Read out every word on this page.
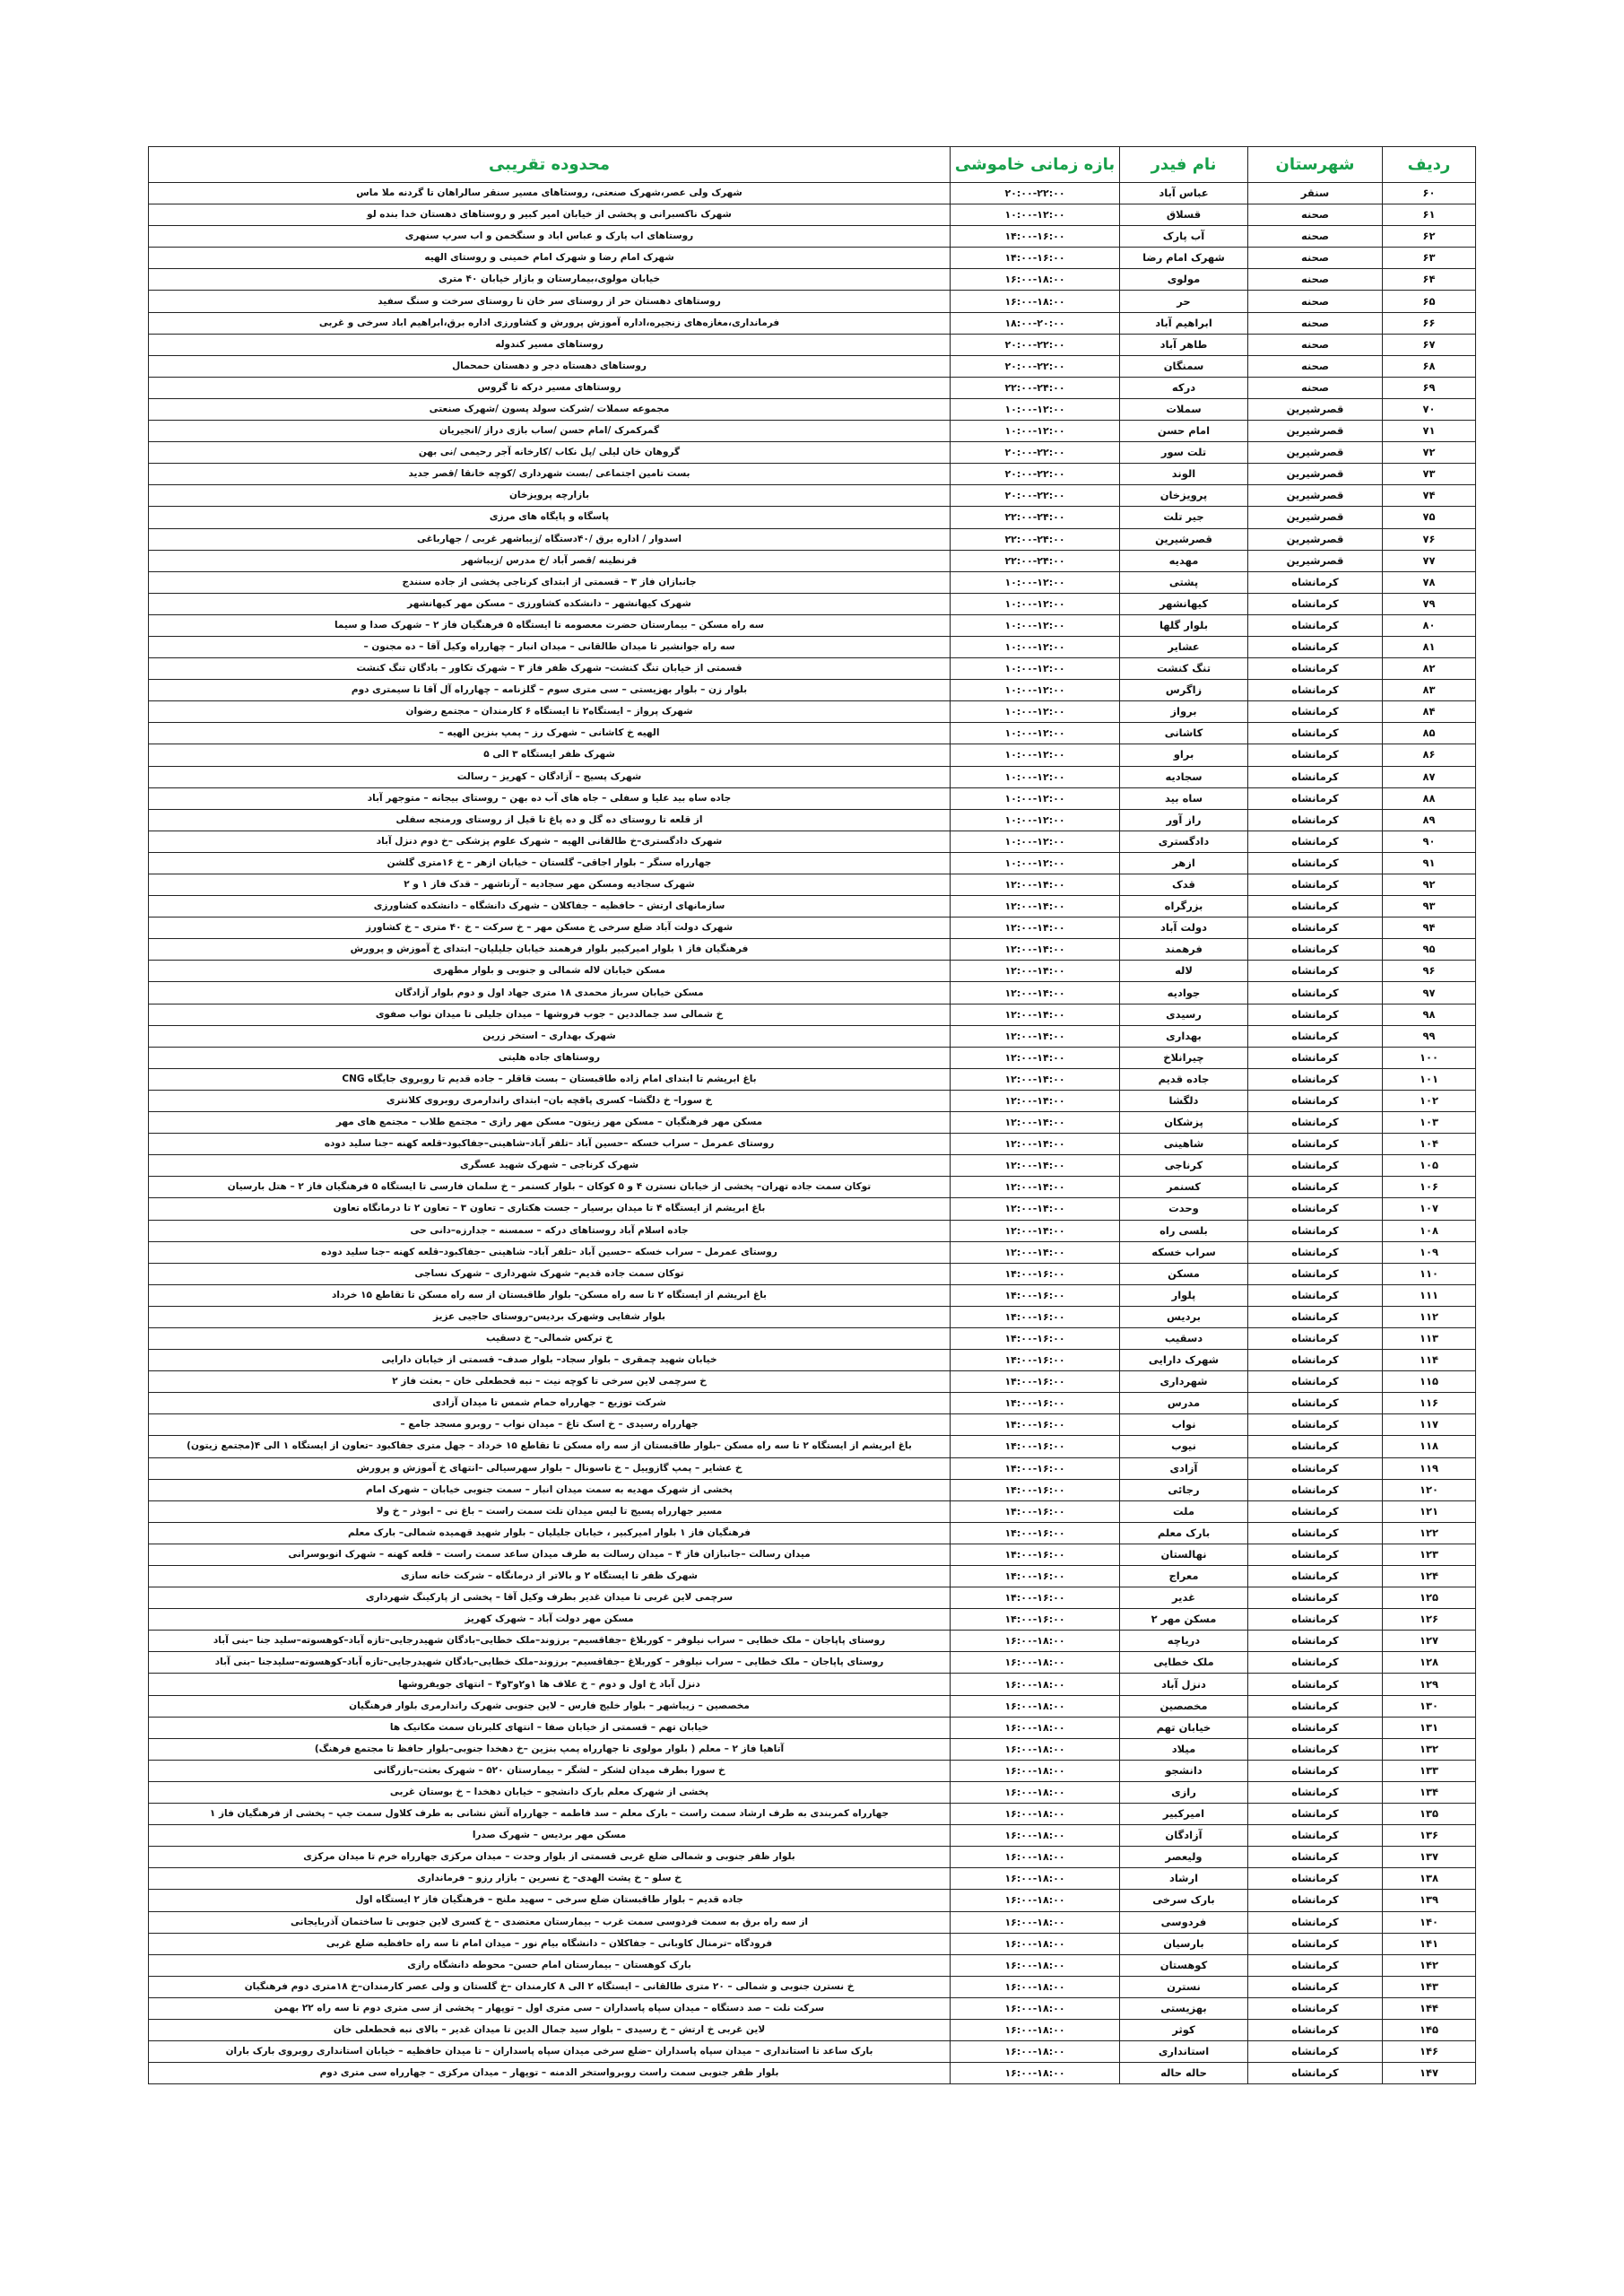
ردیف	شهرستان	نام فیدر	بازه زمانی خاموشی	محدوده تقریبی
۶۰	سنقر	عباس آباد	۲۰:۰۰-۲۲:۰۰	شهرک ولی عصر،شهرک صنعتی، روستاهای مسیر سنقر سالراهان تا گردنه ملا ماس
۶۱	صحنه	قسلاق	۱۰:۰۰-۱۲:۰۰	شهرک ناکسبرانی و پخشی از خیابان امیر کبیر و روستاهای دهستان خدا بنده لو
۶۲	صحنه	آب پارک	۱۴:۰۰-۱۶:۰۰	روستاهای اب پارک و عباس اباد و سنگخمن و اب سرپ سنهری
۶۳	صحنه	شهرک امام رضا	۱۴:۰۰-۱۶:۰۰	شهرک امام رضا و شهرک امام خمینی و روستای الهیه
۶۴	صحنه	مولوی	۱۶:۰۰-۱۸:۰۰	خیابان مولوی،بیمارستان و بازار خیابان ۴۰ متری
۶۵	صحنه	حر	۱۶:۰۰-۱۸:۰۰	روستاهای دهستان حر از روستای سر خان تا روستای سرخت و سنگ سفید
۶۶	صحنه	ابراهیم آباد	۱۸:۰۰-۲۰:۰۰	فرمانداری،مغازه‌های زنجیره،اداره آموزش پرورش و کشاورزی اداره برق،ابراهیم اباد سرخی و غربی
۶۷	صحنه	طاهر آباد	۲۰:۰۰-۲۲:۰۰	روستاهای مسیر کندوله
۶۸	صحنه	سمنگان	۲۰:۰۰-۲۲:۰۰	روستاهای دهستاه دجر و دهستان حمحمال
۶۹	صحنه	درکه	۲۲:۰۰-۲۴:۰۰	روستاهای مسیر درکه تا گروس
۷۰	قصرشیرین	سملات	۱۰:۰۰-۱۲:۰۰	مجموعه سملات /شرکت سولد پسون /شهرک صنعتی
۷۱	قصرشیرین	امام حسن	۱۰:۰۰-۱۲:۰۰	گمرکمرک /امام حسن /ساب بازی دراز /انجیریان
۷۲	قصرشیرین	تلت سور	۲۰:۰۰-۲۲:۰۰	گروهان خان لیلی /پل نکاب /کارخانه آجر رحیمی /نی بهن
۷۳	قصرشیرین	الوند	۲۰:۰۰-۲۲:۰۰	بست تامین اجتماعی /بست شهرداری /کوچه خانقا /قصر جدید
۷۴	قصرشیرین	پرویزخان	۲۰:۰۰-۲۲:۰۰	بازارچه پرویزخان
۷۵	قصرشیرین	جیر تلت	۲۲:۰۰-۲۴:۰۰	پاسگاه و پایگاه های مرزی
۷۶	قصرشیرین	قصرشیرین	۲۲:۰۰-۲۴:۰۰	اسدوار / اداره برق /۴۰دستگاه /زیباشهر غربی / جهارباغی
۷۷	قصرشیرین	مهدیه	۲۲:۰۰-۲۴:۰۰	قرنطینه /قصر آباد /خ مدرس /زیباشهر
۷۸	کرمانشاه	پشتی	۱۰:۰۰-۱۲:۰۰	جانبازان فاز ۳ – قسمتی از ابتدای کرناجی پخشی از جاده سنندج
۷۹	کرمانشاه	کیهانشهر	۱۰:۰۰-۱۲:۰۰	شهرک کیهانشهر – دانشکده کشاورزی – مسکن مهر کیهانشهر
۸۰	کرمانشاه	بلوار گلها	۱۰:۰۰-۱۲:۰۰	سه راه مسکن – بیمارستان حضرت معصومه تا ایستگاه ۵ فرهنگیان فاز ۲ – شهرک صدا و سیما
۸۱	کرمانشاه	عشایر	۱۰:۰۰-۱۲:۰۰	سه راه جوانشیر تا میدان طالقانی – میدان انبار – چهارراه وکیل آقا – ده مجنون –
۸۲	کرمانشاه	تنگ کنشت	۱۰:۰۰-۱۲:۰۰	قسمتی از خیابان تنگ کنشت– شهرک ظفر فاز ۳ – شهرک تکاور – بادگان تنگ کنشت
۸۳	کرمانشاه	زاگرس	۱۰:۰۰-۱۲:۰۰	بلوار زن – بلوار بهزیستی – سی متری سوم – گلزنامه – چهارراه آل آقا تا سیمتری دوم
۸۴	کرمانشاه	برواز	۱۰:۰۰-۱۲:۰۰	شهرک پرواز – ایستگاه۲ تا ایستگاه ۶ کارمندان – مجتمع رضوان
۸۵	کرمانشاه	کاشانی	۱۰:۰۰-۱۲:۰۰	الهیه خ کاشانی – شهرک رز – پمپ بنزین الهیه –
۸۶	کرمانشاه	براو	۱۰:۰۰-۱۲:۰۰	شهرک ظفر ایستگاه ۳ الی ۵
۸۷	کرمانشاه	سجادیه	۱۰:۰۰-۱۲:۰۰	شهرک پسیج – آزادگان – کهریز – رسالت
۸۸	کرمانشاه	ساه بید	۱۰:۰۰-۱۲:۰۰	جاده ساه بید علیا و سفلی – جاه های آب ده بهن – روستای بیجانه – متوجهر آباد
۸۹	کرمانشاه	راز آور	۱۰:۰۰-۱۲:۰۰	از قلعه تا روستای ده گل و ده پاغ تا قیل از روستای ورمنجه سفلی
۹۰	کرمانشاه	دادگستری	۱۰:۰۰-۱۲:۰۰	شهرک دادگستری–خ طالقانی الهیه – شهرک علوم پزشکی –خ دوم دنزل آباد
۹۱	کرمانشاه	ازهر	۱۰:۰۰-۱۲:۰۰	جهارراه سنگر – بلوار اجاقی– گلستان – خیابان ازهر – خ ۱۶متری گلشن
۹۲	کرمانشاه	قدک	۱۲:۰۰-۱۴:۰۰	شهرک سجادیه ومسکن مهر سجادیه – آرتاشهر – قدک فاز ۱ و ۲
۹۳	کرمانشاه	بزرگراه	۱۲:۰۰-۱۴:۰۰	سازمانهای ارتش – حافظیه – جفاکلان – شهرک دانشگاه – دانشکده کشاورزی
۹۴	کرمانشاه	دولت آباد	۱۲:۰۰-۱۴:۰۰	شهرک دولت آباد ضلع سرخی خ مسکن مهر – خ سرکت – خ ۴۰ متری – خ کشاورز
۹۵	کرمانشاه	فرهمند	۱۲:۰۰-۱۴:۰۰	فرهنگیان فاز ۱ بلوار امیرکبیر بلوار فرهمند خیابان جلیلیان– ابتدای خ آموزش و پرورش
۹۶	کرمانشاه	لاله	۱۲:۰۰-۱۴:۰۰	مسکن خیابان لاله شمالی و جنوبی و بلوار مطهری
۹۷	کرمانشاه	جوادیه	۱۲:۰۰-۱۴:۰۰	مسکن خیابان سرباز محمدی ۱۸ متری جهاد اول و دوم بلوار آزادگان
۹۸	کرمانشاه	رسیدی	۱۲:۰۰-۱۴:۰۰	خ شمالی سد جمالددین – جوب فروشها – میدان جلیلی تا میدان نواب صفوی
۹۹	کرمانشاه	بهداری	۱۲:۰۰-۱۴:۰۰	شهرک بهداری – استخر زرین
۱۰۰	کرمانشاه	چیرانلاخ	۱۲:۰۰-۱۴:۰۰	روستاهای جاده هلیتی
۱۰۱	کرمانشاه	جاده قدیم	۱۲:۰۰-۱۴:۰۰	باغ ابریشم تا ابتدای امام زاده طاقبستان – بست قاقلر – جاده قدیم تا روبروی جایگاه CNG
۱۰۲	کرمانشاه	دلگشا	۱۲:۰۰-۱۴:۰۰	خ سورا– خ دلگشا– کسری پاقچه بان– ابتدای راندارمری روبروی کلانتری
۱۰۳	کرمانشاه	پزشکان	۱۲:۰۰-۱۴:۰۰	مسکن مهر فرهنگیان – مسکن مهر زیتون– مسکن مهر رازی – مجتمع طلاب – مجتمع های مهر
۱۰۴	کرمانشاه	شاهینی	۱۲:۰۰-۱۴:۰۰	روستای عمرمل – سراب خسکه –حسین آباد –تلفر آباد–شاهینی–جفاکبود–قلعه کهنه –جنا سلید دوده
۱۰۵	کرمانشاه	کرناجی	۱۲:۰۰-۱۴:۰۰	شهرک کرناجی – شهرک شهید عسگری
۱۰۶	کرمانشاه	کسنمر	۱۲:۰۰-۱۴:۰۰	توکان سمت جاده تهران– پخشی از خیابان نسترن ۴ و ۵ کوکان – بلوار کسنمر – خ سلمان فارسی تا ایستگاه ۵ فرهنگیان فاز ۲ – هتل بارسیان
۱۰۷	کرمانشاه	وحدت	۱۲:۰۰-۱۴:۰۰	باغ ابریشم از ایستگاه ۴ تا میدان برسیار – جست هکتاری – تعاون ۳ – تعاون ۲ تا درمانگاه تعاون
۱۰۸	کرمانشاه	بلسی راه	۱۲:۰۰-۱۴:۰۰	جاده اسلام آباد روستاهای درکه – سمسنه – جدارزه–دانی حی
۱۰۹	کرمانشاه	سراب خسکه	۱۲:۰۰-۱۴:۰۰	روستای عمرمل – سراب خسکه –حسین آباد –تلفر آباد– شاهینی –جفاکبود–قلعه کهنه –جنا سلید دوده
۱۱۰	کرمانشاه	مسکن	۱۴:۰۰-۱۶:۰۰	توکان سمت جاده قدیم– شهرک شهرداری – شهرک نساجی
۱۱۱	کرمانشاه	پلوار	۱۴:۰۰-۱۶:۰۰	باغ ابریشم از ایستگاه ۲ تا سه راه مسکن– بلوار طاقبستان از سه راه مسکن تا تقاطع ۱۵ خرداد
۱۱۲	کرمانشاه	بردیس	۱۴:۰۰-۱۶:۰۰	بلوار شفایی وشهرک بردیس–روستای حاجیی عزیز
۱۱۳	کرمانشاه	دسقیب	۱۴:۰۰-۱۶:۰۰	خ ترکس شمالی– خ دسقیب
۱۱۴	کرمانشاه	شهرک دارایی	۱۴:۰۰-۱۶:۰۰	خیابان شهید چمقری – بلوار سجاد– بلوار صدف– قسمتی از خیابان دارایی
۱۱۵	کرمانشاه	شهرداری	۱۴:۰۰-۱۶:۰۰	خ سرچمی لاین سرخی تا کوچه نیت – نبه قحطعلی خان – بعثت فاز ۲
۱۱۶	کرمانشاه	مدرس	۱۴:۰۰-۱۶:۰۰	شرکت توزیع – جهارراه حمام شمس تا میدان آزادی
۱۱۷	کرمانشاه	نواب	۱۴:۰۰-۱۶:۰۰	جهارراه رسیدی – خ اسک تاغ – میدان نواب – روبرو مسجد جامع –
۱۱۸	کرمانشاه	نیوب	۱۴:۰۰-۱۶:۰۰	باغ ابریشم از ایستگاه ۲ تا سه راه مسکن –بلوار طاقبستان از سه راه مسکن تا تقاطع ۱۵ خرداد – جهل متری جفاکبود –تعاون از ایستگاه ۱ الی ۴(مجتمع زیتون)
۱۱۹	کرمانشاه	آزادی	۱۴:۰۰-۱۶:۰۰	خ عشایر – پمپ گازوییل – خ ناسونال – بلوار سهرسیالی –انتهای خ آموزش و پرورش
۱۲۰	کرمانشاه	رجائی	۱۴:۰۰-۱۶:۰۰	پخشی از شهرک مهدیه به سمت میدان انبار – سمت جنوبی خیابان – شهرک امام
۱۲۱	کرمانشاه	ملت	۱۴:۰۰-۱۶:۰۰	مسیر جهارراه پسیج تا لیس میدان تلت سمت راست – باغ نی – ابوذر – خ ولا
۱۲۲	کرمانشاه	بارک معلم	۱۴:۰۰-۱۶:۰۰	فرهنگیان فاز ۱ بلوار امیرکبیر ، خیابان جلیلیان – بلوار شهید قهمیده شمالی– بارک معلم
۱۲۳	کرمانشاه	نهالستان	۱۴:۰۰-۱۶:۰۰	میدان رسالت –جانبازان فاز ۴ – میدان رسالت به طرف میدان ساعد سمت راست – قلعه کهنه – شهرک انوبوسرانی
۱۲۴	کرمانشاه	معراج	۱۴:۰۰-۱۶:۰۰	شهرک ظفر تا ایستگاه ۲ و بالاتر از درمانگاه – شرکت خانه سازی
۱۲۵	کرمانشاه	غدیر	۱۴:۰۰-۱۶:۰۰	سرچمی لاین غربی تا میدان غدیر بطرف وکیل آقا – پخشی از پارکینگ شهرداری
۱۲۶	کرمانشاه	مسکن مهر ۲	۱۴:۰۰-۱۶:۰۰	مسکن مهر دولت آباد – شهرک کهریز
۱۲۷	کرمانشاه	دریاچه	۱۶:۰۰-۱۸:۰۰	روستای پاپاجان – ملک خطایی – سراب نیلوفر – کوربلاغ –جفاقسیم– برزوند–ملک خطایی–بادگان شهیدرجایی–تازه آباد–کوهسوته–سلید جنا –بنی آباد
۱۲۸	کرمانشاه	ملک خطایی	۱۶:۰۰-۱۸:۰۰	روستای پاپاجان – ملک خطایی – سراب نیلوفر – کوربلاغ –جفاقسیم– برزوند–ملک خطایی–بادگان شهیدرجایی–تازه آباد–کوهسوته–سلیدجنا –بنی آباد
۱۲۹	کرمانشاه	دنزل آباد	۱۶:۰۰-۱۸:۰۰	دنزل آباد خ اول و دوم – خ علاف ها ۱و۲و۳و۴ – انتهای جویفروشها
۱۳۰	کرمانشاه	مخصصین	۱۶:۰۰-۱۸:۰۰	مخصصین – زیباشهر – بلوار خلیج فارس – لاین جنوبی شهرک راندارمری بلوار فرهنگیان
۱۳۱	کرمانشاه	خیابان تهم	۱۶:۰۰-۱۸:۰۰	خیابان تهم – قسمتی از خیابان صفا – انتهای کلبرنان سمت مکانیک ها
۱۳۲	کرمانشاه	میلاد	۱۶:۰۰-۱۸:۰۰	آتاهیا فاز ۲ – معلم ( بلوار مولوی تا جهارراه پمپ بنزین –خ دهخدا جنوبی–بلوار حافظ تا مجتمع فرهنگ)
۱۳۳	کرمانشاه	دانشجو	۱۶:۰۰-۱۸:۰۰	خ سورا بطرف میدان لشکر – لشگر – بیمارستان ۵۲۰ – شهرک بعثت–بازرگانی
۱۳۴	کرمانشاه	رازی	۱۶:۰۰-۱۸:۰۰	پخشی از شهرک معلم بارک دانشجو – خیابان دهخدا – خ بوستان غربی
۱۳۵	کرمانشاه	امیرکبیر	۱۶:۰۰-۱۸:۰۰	جهارراه کمربندی به طرف ارشاد سمت راست – بارک معلم – سد فاطمه – جهارراه آتش نشانی به طرف کلاول سمت جپ – پخشی از فرهنگیان فاز ۱
۱۳۶	کرمانشاه	آزادگان	۱۶:۰۰-۱۸:۰۰	مسکن مهر بردیس – شهرک صدرا
۱۳۷	کرمانشاه	ولیعصر	۱۶:۰۰-۱۸:۰۰	بلوار ظفر جنوبی و شمالی ضلع غربی قسمتی از بلوار وحدت – میدان مرکزی جهارراه خرم تا میدان مرکزی
۱۳۸	کرمانشاه	ارشاد	۱۶:۰۰-۱۸:۰۰	خ سلو – خ پشت الهدی– خ نسرین – بازار رزو – فرمانداری
۱۳۹	کرمانشاه	بارک سرخی	۱۶:۰۰-۱۸:۰۰	جاده قدیم – بلوار طاقبستان ضلع سرخی – سهید ملنج – فرهنگیان فاز ۲ ایستگاه اول
۱۴۰	کرمانشاه	فردوسی	۱۶:۰۰-۱۸:۰۰	از سه راه برق به سمت فردوسی سمت غرب – بیمارستان معتضدی – خ کسری لاین جنوبی تا ساختمان آذربایجانی
۱۴۱	کرمانشاه	بارسیان	۱۶:۰۰-۱۸:۰۰	فرودگاه –ترمنال کاوبانی – جفاکلان – دانشگاه بیام نور – میدان امام تا سه راه حافظیه ضلع غربی
۱۴۲	کرمانشاه	کوهستان	۱۶:۰۰-۱۸:۰۰	بارک کوهستان – بیمارستان امام حسن– محوطه دانشگاه رازی
۱۴۳	کرمانشاه	نسترن	۱۶:۰۰-۱۸:۰۰	خ نسترن جنوبی و شمالی – ۲۰ متری طالقانی – ایستگاه ۲ الی ۸ کارمندان –خ گلستان و ولی عصر کارمندان–خ ۱۸متری دوم فرهنگیان
۱۴۴	کرمانشاه	بهزیستی	۱۶:۰۰-۱۸:۰۰	سرکت نلت – صد دستگاه – میدان سپاه پاسداران – سی متری اول – توپهار – پخشی از سی متری دوم تا سه راه ۲۲ بهمن
۱۴۵	کرمانشاه	کوثر	۱۶:۰۰-۱۸:۰۰	لاین غربی خ ارتش – خ رسیدی – بلوار سید جمال الدین تا میدان غدیر – بالای نبه قحطعلی خان
۱۴۶	کرمانشاه	استانداری	۱۶:۰۰-۱۸:۰۰	بارک ساعد تا استانداری – میدان سپاه پاسداران –ضلع سرخی میدان سپاه پاسداران – تا میدان حافظیه – خیابان استانداری روبروی بارک باران
۱۴۷	کرمانشاه	حاله حاله	۱۶:۰۰-۱۸:۰۰	بلوار ظفر جنوبی سمت راست روبرواستخر الدمنه – توپهار – میدان مرکزی – جهارراه سی متری دوم
